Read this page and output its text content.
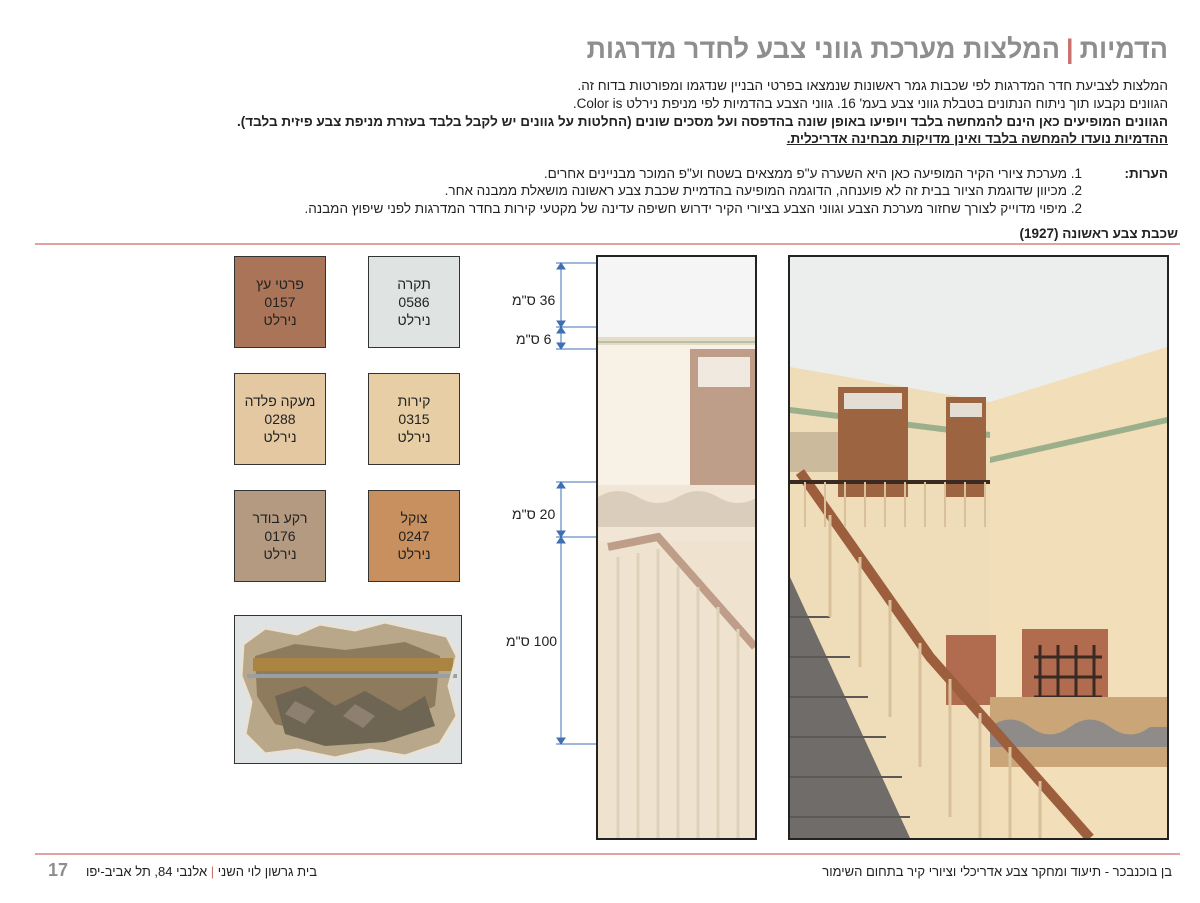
הדמיות|המלצות מערכת גווני צבע לחדר מדרגות
המלצות לצביעת חדר המדרגות לפי שכבות גמר ראשונות שנמצאו בפרטי הבניין שנדגמו ומפורטות בדוח זה.
הגוונים נקבעו תוך ניתוח הנתונים בטבלת גווני צבע בעמ' 16. גווני הצבע בהדמיות לפי מניפת נירלט Color is.
הגוונים המופיעים כאן הינם להמחשה בלבד ויופיעו באופן שונה בהדפסה ועל מסכים שונים (החלטות על גוונים יש לקבל בלבד בעזרת מניפת צבע פיזית בלבד).
ההדמיות נועדו להמחשה בלבד ואינן מדויקות מבחינה אדריכלית.
הערות:
1. מערכת ציורי הקיר המופיעה כאן היא השערה ע"פ ממצאים בשטח וע"פ המוכר מבניינים אחרים.
2. מכיוון שדוגמת הציור בבית זה לא פוענחה, הדוגמה המופיעה בהדמיית שכבת צבע ראשונה מושאלת ממבנה אחר.
2. מיפוי מדוייק לצורך שחזור מערכת הצבע וגווני הצבע בציורי הקיר ידרוש חשיפה עדינה של מקטעי קירות בחדר המדרגות לפני שיפוץ המבנה.
שכבת צבע ראשונה (1927)
תקרה
0586
נירלט
פרטי עץ
0157
נירלט
קירות
0315
נירלט
מעקה פלדה
0288
נירלט
צוקל
0247
נירלט
רקע בודר
0176
נירלט
36 ס"מ
6 ס"מ
20 ס"מ
100 ס"מ
17	בית גרשון לוי השני | אלנבי 84, תל אביב-יפו	בן בוכנבכר - תיעוד ומחקר צבע אדריכלי וציורי קיר בתחום השימור
